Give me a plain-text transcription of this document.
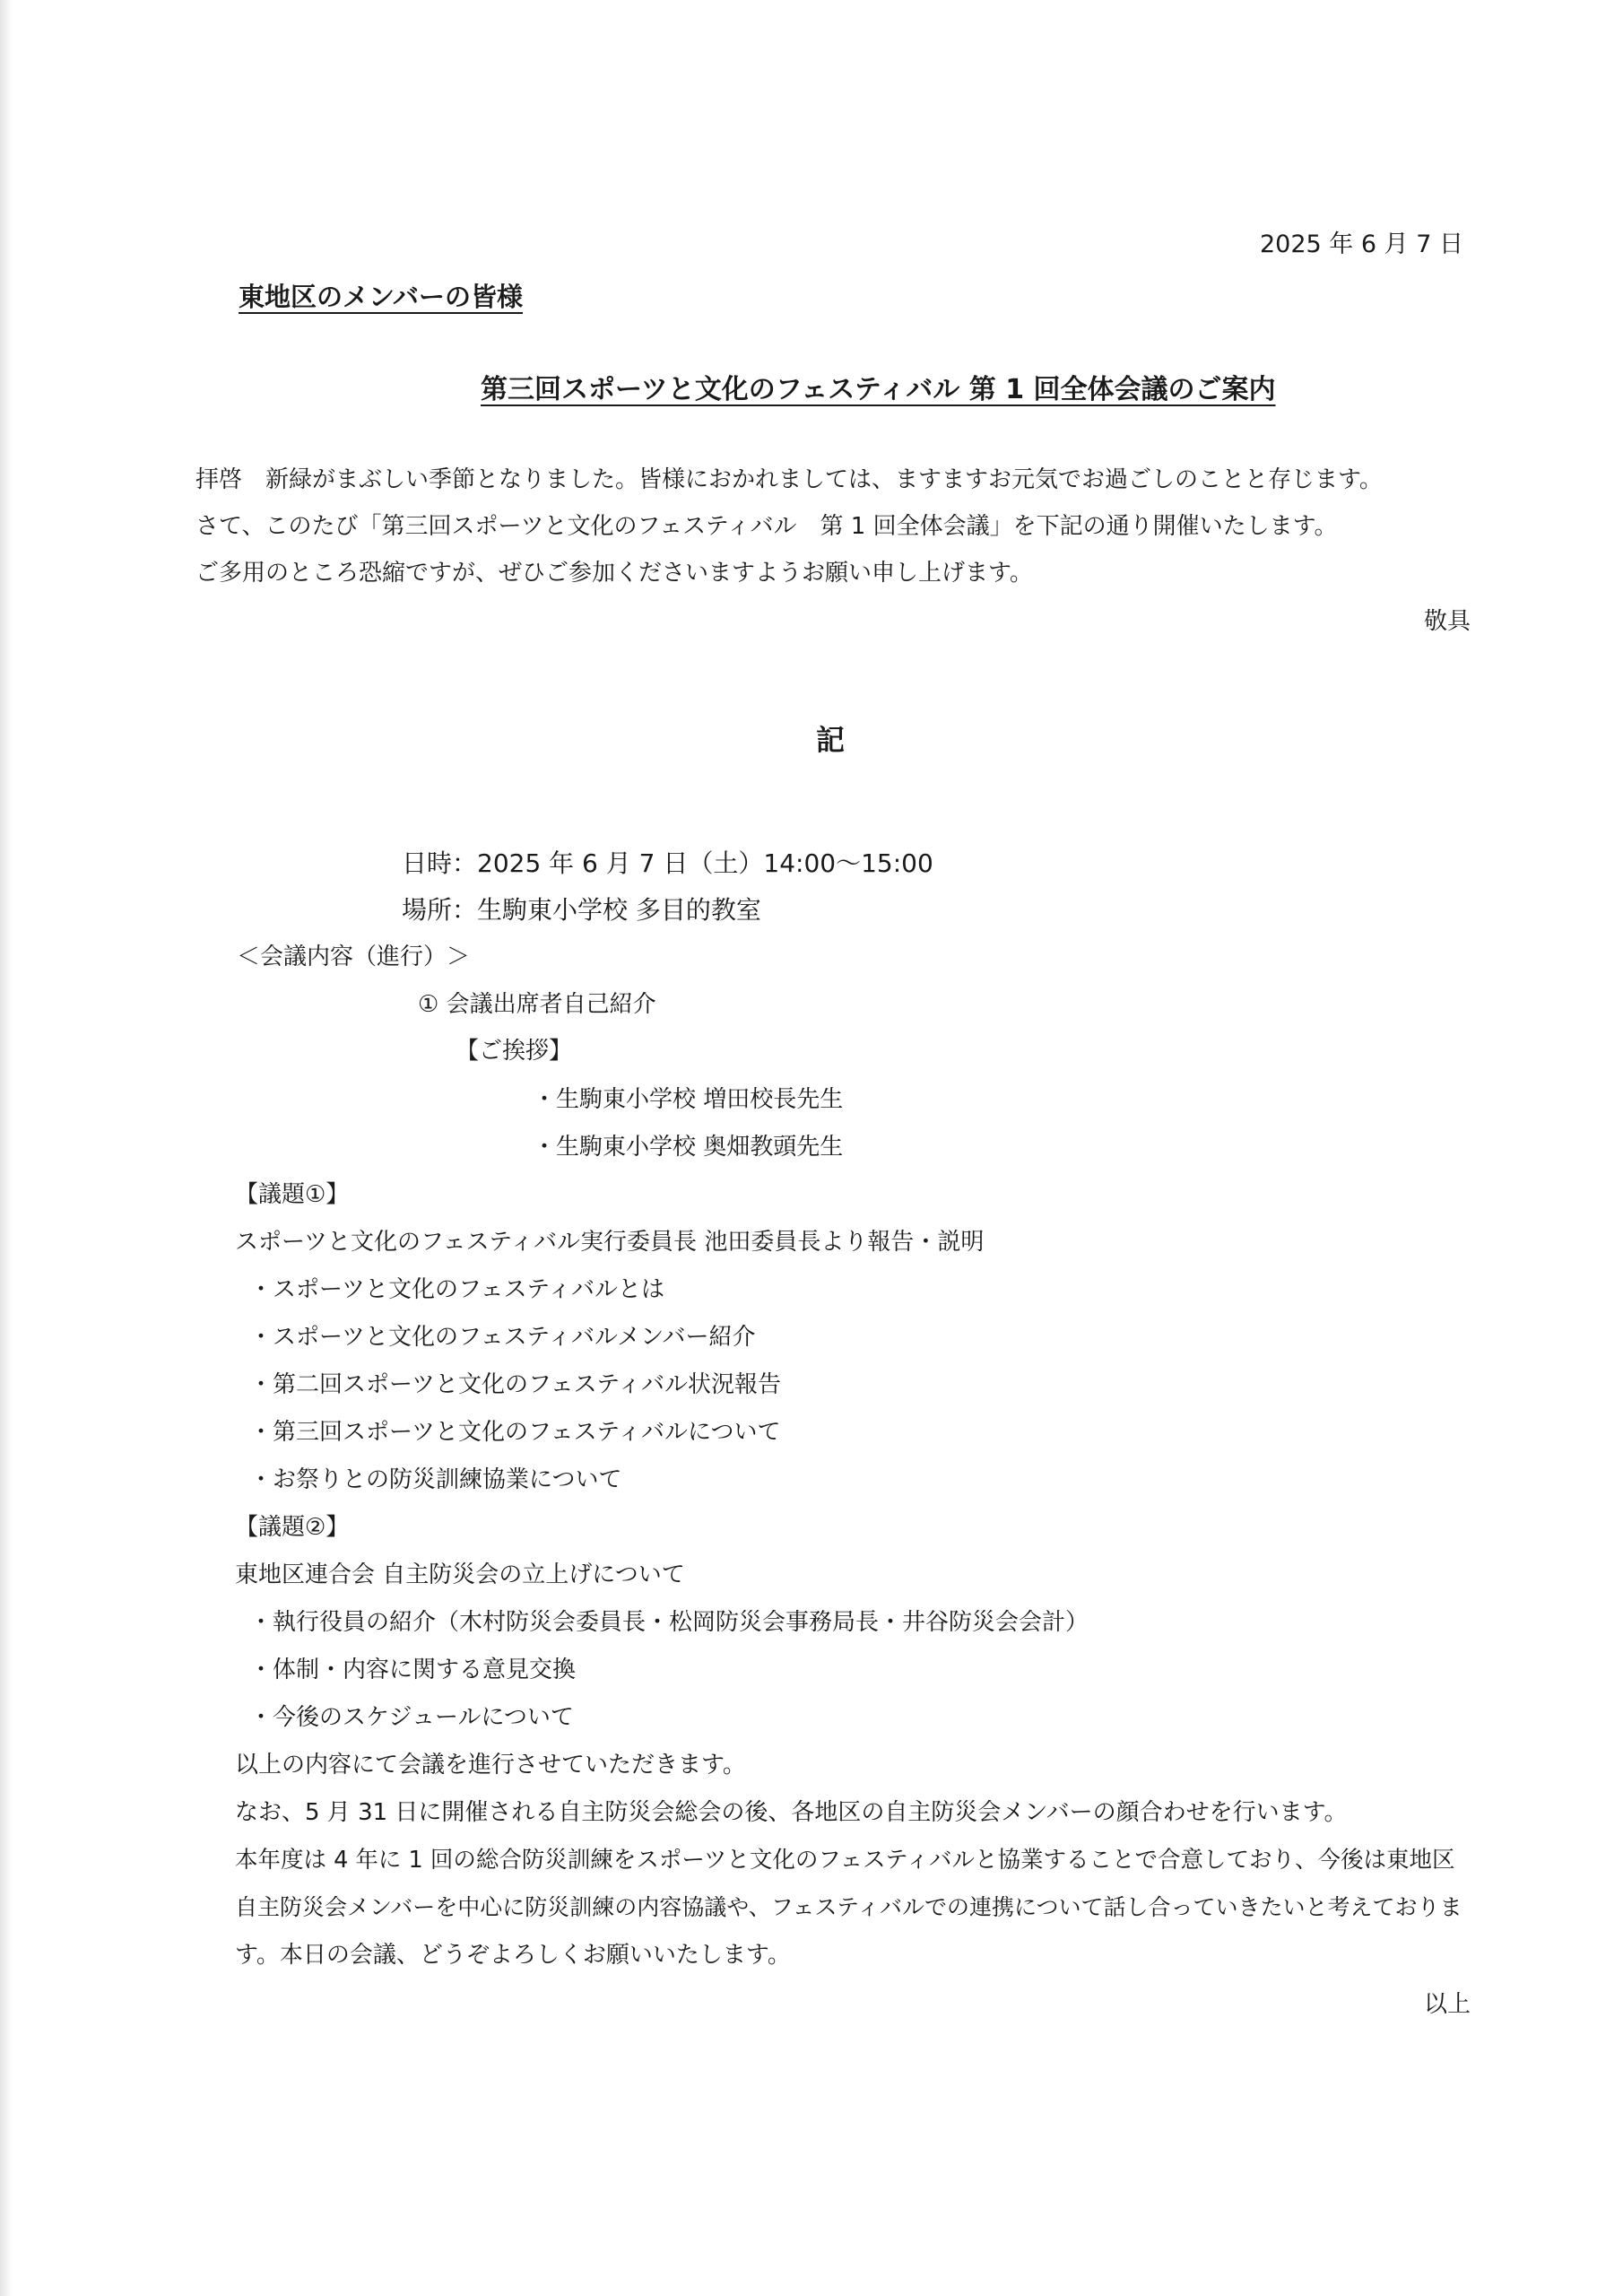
2025 年 6 月 7 日
東地区のメンバーの皆様
第三回スポーツと文化のフェスティバル 第 1 回全体会議のご案内
拝啓　新緑がまぶしい季節となりました。皆様におかれましては、ますますお元気でお過ごしのことと存じます。
さて、このたび「第三回スポーツと文化のフェスティバル　第 1 回全体会議」を下記の通り開催いたします。
ご多用のところ恐縮ですが、ぜひご参加くださいますようお願い申し上げます。
敬具
記
日時：2025 年 6 月 7 日（土）14:00～15:00
場所：生駒東小学校 多目的教室
＜会議内容（進行）＞
① 会議出席者自己紹介
【ご挨拶】
・生駒東小学校 増田校長先生
・生駒東小学校 奥畑教頭先生
【議題①】
スポーツと文化のフェスティバル実行委員長 池田委員長より報告・説明
・スポーツと文化のフェスティバルとは
・スポーツと文化のフェスティバルメンバー紹介
・第二回スポーツと文化のフェスティバル状況報告
・第三回スポーツと文化のフェスティバルについて
・お祭りとの防災訓練協業について
【議題②】
東地区連合会 自主防災会の立上げについて
・執行役員の紹介（木村防災会委員長・松岡防災会事務局長・井谷防災会会計）
・体制・内容に関する意見交換
・今後のスケジュールについて
以上の内容にて会議を進行させていただきます。
なお、5 月 31 日に開催される自主防災会総会の後、各地区の自主防災会メンバーの顔合わせを行います。
本年度は 4 年に 1 回の総合防災訓練をスポーツと文化のフェスティバルと協業することで合意しており、今後は東地区
自主防災会メンバーを中心に防災訓練の内容協議や、フェスティバルでの連携について話し合っていきたいと考えておりま
す。本日の会議、どうぞよろしくお願いいたします。
以上
